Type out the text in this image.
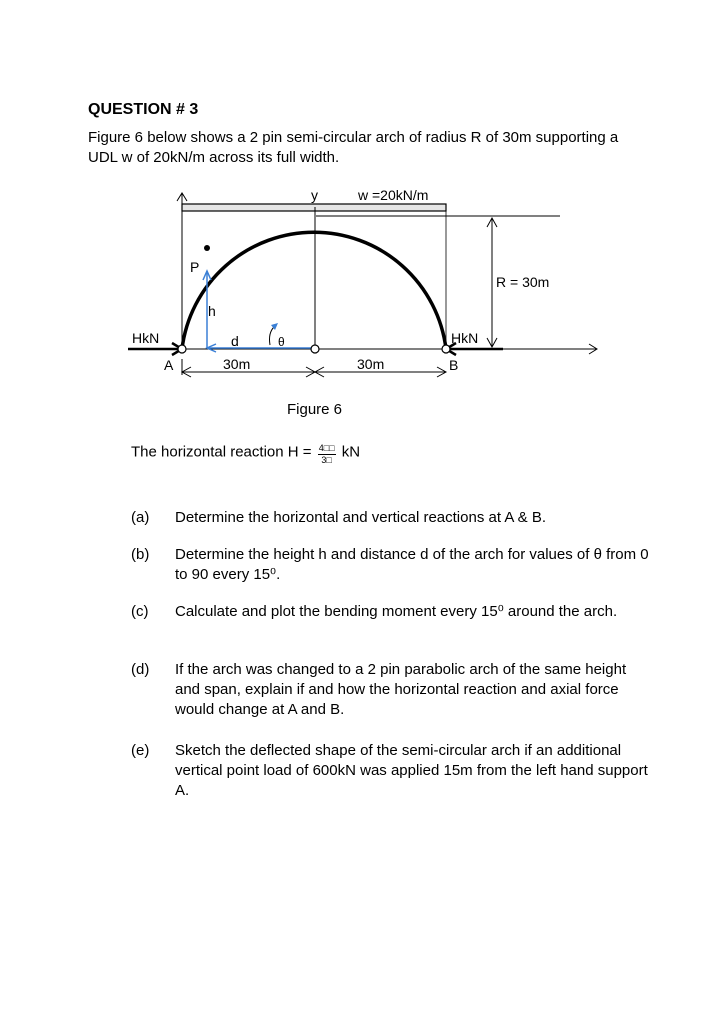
QUESTION # 3
Figure 6 below shows a 2 pin semi-circular arch of radius R of 30m supporting a UDL w of 20kN/m across its full width.
y	w =20kN/m
P
h
d	θ
R = 30m
HkN	HkN
A	B
30m	30m
Figure 6
The horizontal reaction $H = \frac{4□□}{3□}$ kN
(a)	Determine the horizontal and vertical reactions at A & B.
(b)	Determine the height h and distance d of the arch for values of θ from 0 to 90 every 15⁰.
(c)	Calculate and plot the bending moment every 15⁰ around the arch.
(d)	If the arch was changed to a 2 pin parabolic arch of the same height and span, explain if and how the horizontal reaction and axial force would change at A and B.
(e)	Sketch the deflected shape of the semi-circular arch if an additional vertical point load of 600kN was applied 15m from the left hand support A.
